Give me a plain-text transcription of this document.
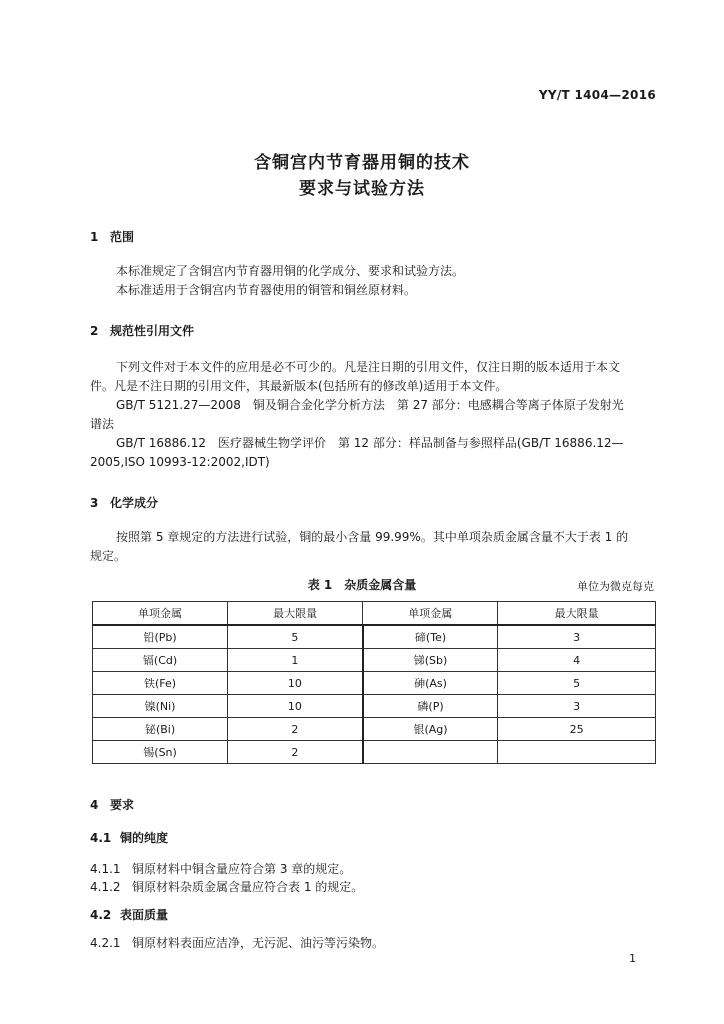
YY/T 1404—2016
含铜宫内节育器用铜的技术
要求与试验方法
1 范围
本标准规定了含铜宫内节育器用铜的化学成分、要求和试验方法。
本标准适用于含铜宫内节育器使用的铜管和铜丝原材料。
2 规范性引用文件
下列文件对于本文件的应用是必不可少的。凡是注日期的引用文件，仅注日期的版本适用于本文
件。凡是不注日期的引用文件，其最新版本(包括所有的修改单)适用于本文件。
GB/T 5121.27—2008　铜及铜合金化学分析方法　第 27 部分：电感耦合等离子体原子发射光
谱法
GB/T 16886.12　医疗器械生物学评价　第 12 部分：样品制备与参照样品(GB/T 16886.12—
2005,ISO 10993-12:2002,IDT)
3 化学成分
按照第 5 章规定的方法进行试验，铜的最小含量 99.99%。其中单项杂质金属含量不大于表 1 的
规定。
表 1　杂质金属含量	单位为微克每克
单项金属	最大限量	单项金属	最大限量
铅(Pb)	5	碲(Te)	3
镉(Cd)	1	锑(Sb)	4
铁(Fe)	10	砷(As)	5
镍(Ni)	10	磷(P)	3
铋(Bi)	2	银(Ag)	25
锡(Sn)	2		
4 要求
4.1 铜的纯度
4.1.1 铜原材料中铜含量应符合第 3 章的规定。
4.1.2 铜原材料杂质金属含量应符合表 1 的规定。
4.2 表面质量
4.2.1 铜原材料表面应洁净，无污泥、油污等污染物。
1
